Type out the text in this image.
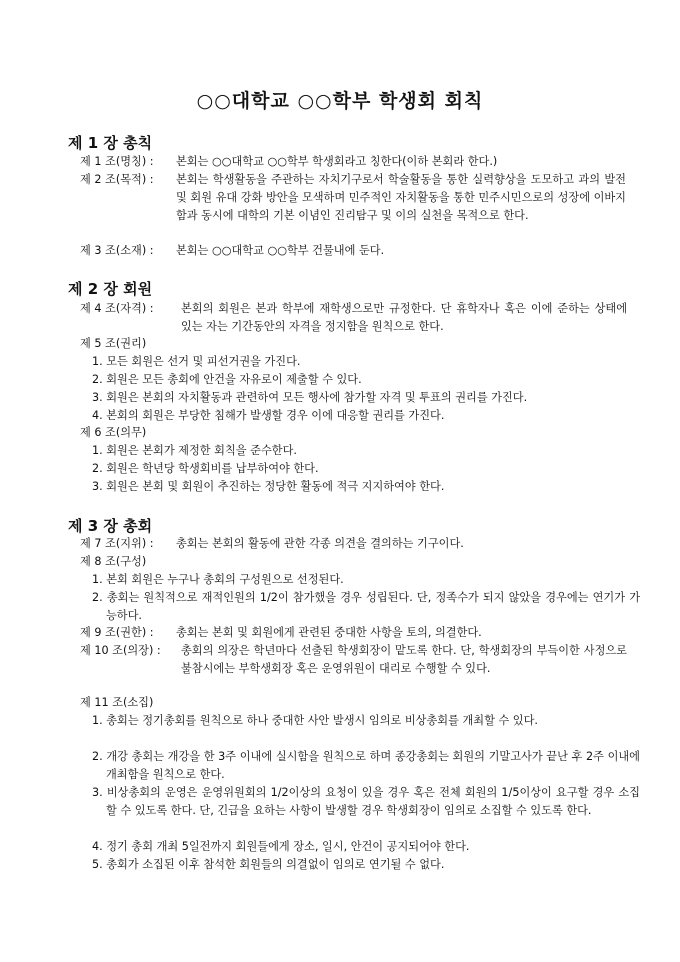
○○대학교 ○○학부 학생회 회칙
제 1 장 총칙
제 1 조(명칭) : 본회는 ○○대학교 ○○학부 학생회라고 칭한다(이하 본회라 한다.)
제 2 조(목적) : 본회는 학생활동을 주관하는 자치기구로서 학술활동을 통한 실력향상을 도모하고 과의 발전 및 회원 유대 강화 방안을 모색하며 민주적인 자치활동을 통한 민주시민으로의 성장에 이바지함과 동시에 대학의 기본 이념인 진리탐구 및 이의 실천을 목적으로 한다.
제 3 조(소재) : 본회는 ○○대학교 ○○학부 건물내에 둔다.
제 2 장 회원
제 4 조(자격) : 본회의 회원은 본과 학부에 재학생으로만 규정한다. 단 휴학자나 혹은 이에 준하는 상태에 있는 자는 기간동안의 자격을 정지함을 원칙으로 한다.
제 5 조(권리)
1. 모든 회원은 선거 및 피선거권을 가진다.
2. 회원은 모든 총회에 안건을 자유로이 제출할 수 있다.
3. 회원은 본회의 자치활동과 관련하여 모든 행사에 참가할 자격 및 투표의 권리를 가진다.
4. 본회의 회원은 부당한 침해가 발생할 경우 이에 대응할 권리를 가진다.
제 6 조(의무)
1. 회원은 본회가 제정한 회칙을 준수한다.
2. 회원은 학년당 학생회비를 납부하여야 한다.
3. 회원은 본회 및 회원이 추진하는 정당한 활동에 적극 지지하여야 한다.
제 3 장 총회
제 7 조(지위) : 총회는 본회의 활동에 관한 각종 의견을 결의하는 기구이다.
제 8 조(구성)
1. 본회 회원은 누구나 총회의 구성원으로 선정된다.
2. 총회는 원칙적으로 재적인원의 1/2이 참가했을 경우 성립된다. 단, 정족수가 되지 않았을 경우에는 연기가 가능하다.
제 9 조(권한) : 총회는 본회 및 회원에게 관련된 중대한 사항을 토의, 의결한다.
제 10 조(의장) : 총회의 의장은 학년마다 선출된 학생회장이 맡도록 한다. 단, 학생회장의 부득이한 사정으로 불참시에는 부학생회장 혹은 운영위원이 대리로 수행할 수 있다.
제 11 조(소집)
1. 총회는 정기총회를 원칙으로 하나 중대한 사안 발생시 임의로 비상총회를 개최할 수 있다.
2. 개강 총회는 개강을 한 3주 이내에 실시함을 원칙으로 하며 종강총회는 회원의 기말고사가 끝난 후 2주 이내에 개최함을 원칙으로 한다.
3. 비상총회의 운영은 운영위원회의 1/2이상의 요청이 있을 경우 혹은 전체 회원의 1/5이상이 요구할 경우 소집할 수 있도록 한다. 단, 긴급을 요하는 사항이 발생할 경우 학생회장이 임의로 소집할 수 있도록 한다.
4. 정기 총회 개최 5일전까지 회원들에게 장소, 일시, 안건이 공지되어야 한다.
5. 총회가 소집된 이후 참석한 회원들의 의결없이 임의로 연기될 수 없다.
